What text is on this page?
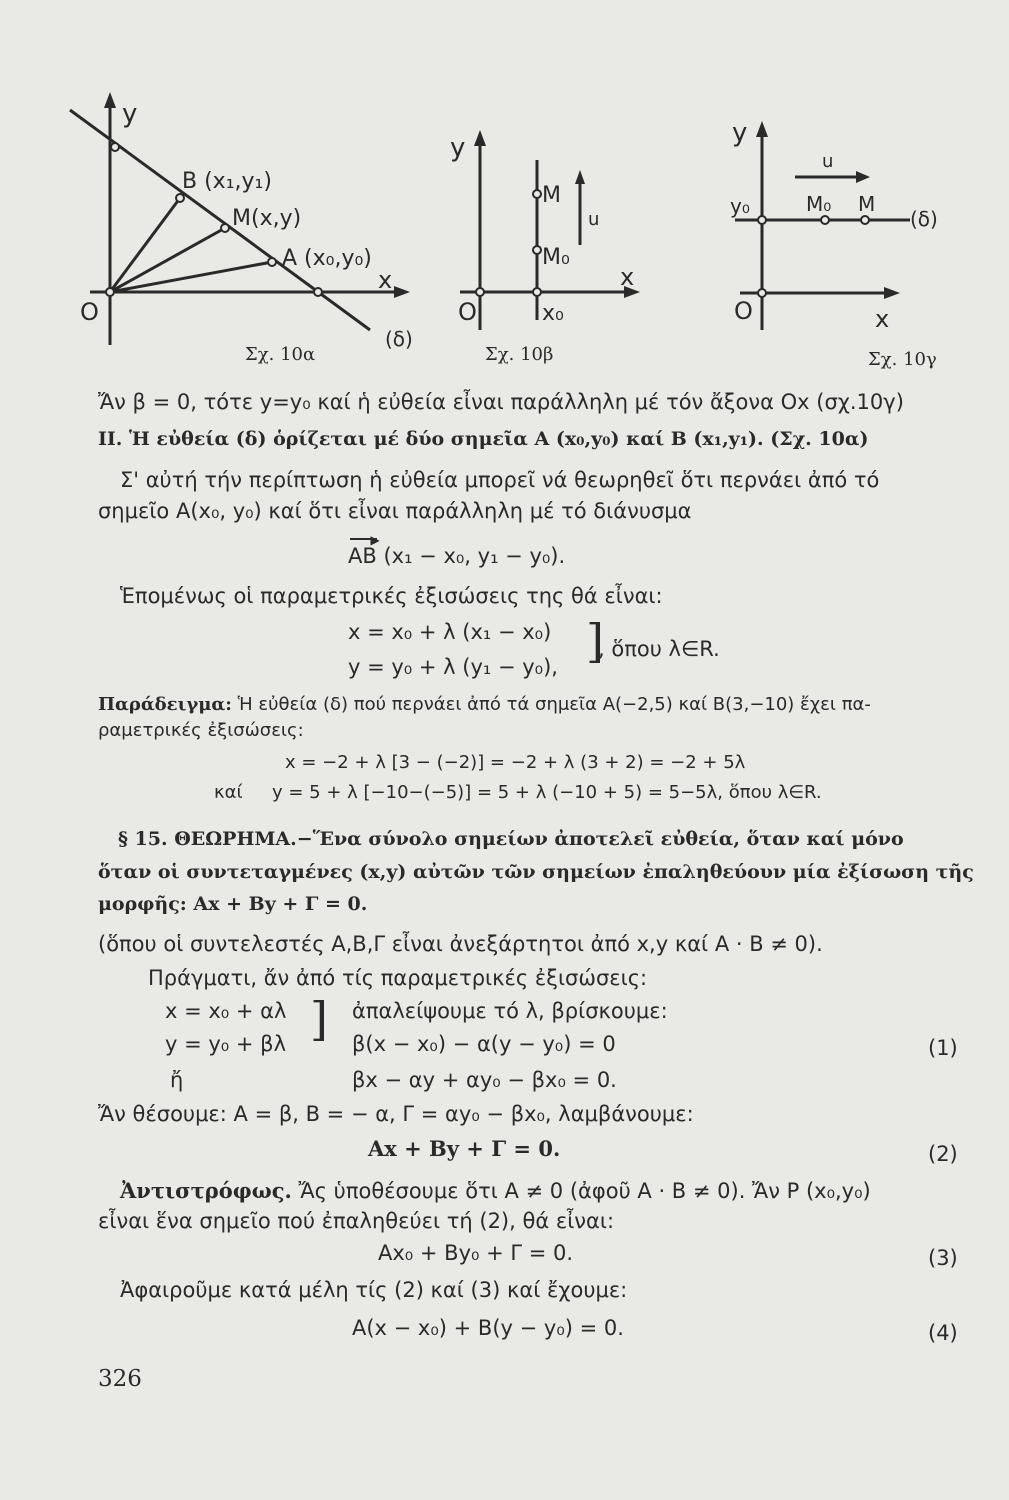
y
O
x
B (x₁,y₁)
M(x,y)
A (x₀,y₀)
(δ)
Σχ. 10α
y
O
x
M
M₀
x₀
u
Σχ. 10β
y
O	x
y₀	M₀ M
(δ)
u
Σχ. 10γ
Ἄν β = 0, τότε y=y₀ καί ἡ εὐθεία εἶναι παράλληλη μέ τόν ἄξονα Ox (σχ.10γ)
II. Ἡ εὐθεία (δ) ὁρίζεται μέ δύο σημεῖα A (x₀,y₀) καί B (x₁,y₁). (Σχ. 10α)
Σ' αὐτή τήν περίπτωση ἡ εὐθεία μπορεῖ νά θεωρηθεῖ ὅτι περνάει ἀπό τό
σημεῖο A(x₀, y₀) καί ὅτι εἶναι παράλληλη μέ τό διάνυσμα
▶
AB (x₁ − x₀, y₁ − y₀).
Ἑπομένως οἱ παραμετρικές ἐξισώσεις της θά εἶναι:
x = x₀ + λ (x₁ − x₀)
y = y₀ + λ (y₁ − y₀), ]
, ὅπου λ∈R.
Παράδειγμα: Ἡ εὐθεία (δ) πού περνάει ἀπό τά σημεῖα A(−2,5) καί B(3,−10) ἔχει πα-
ραμετρικές ἐξισώσεις:
x = −2 + λ [3 − (−2)] = −2 + λ (3 + 2) = −2 + 5λ
καί y = 5 + λ [−10−(−5)] = 5 + λ (−10 + 5) = 5−5λ, ὅπου λ∈R.
§ 15. ΘΕΩΡΗΜΑ.−Ἕνα σύνολο σημείων ἀποτελεῖ εὐθεία, ὅταν καί μόνο
ὅταν οἱ συντεταγμένες (x,y) αὐτῶν τῶν σημείων ἐπαληθεύουν μία ἐξίσωση τῆς
μορφῆς: Ax + By + Γ = 0.
(ὅπου οἱ συντελεστές A,B,Γ εἶναι ἀνεξάρτητοι ἀπό x,y καί A · B ≠ 0).
Πράγματι, ἄν ἀπό τίς παραμετρικές ἐξισώσεις:
x = x₀ + αλ
y = y₀ + βλ ] ἀπαλείψουμε τό λ, βρίσκουμε:
β(x − x₀) − α(y − y₀) = 0	(1)
ἤ	βx − αy + αy₀ − βx₀ = 0.
Ἄν θέσουμε: A = β, B = − α, Γ = αy₀ − βx₀, λαμβάνουμε:
Ax + By + Γ = 0.	(2)
Ἀντιστρόφως. Ἄς ὑποθέσουμε ὅτι A ≠ 0 (ἀφοῦ A · B ≠ 0). Ἄν P (x₀,y₀)
εἶναι ἕνα σημεῖο πού ἐπαληθεύει τή (2), θά εἶναι:
Ax₀ + By₀ + Γ = 0.	(3)
Ἀφαιροῦμε κατά μέλη τίς (2) καί (3) καί ἔχουμε:
A(x − x₀) + B(y − y₀) = 0.	(4)
326
